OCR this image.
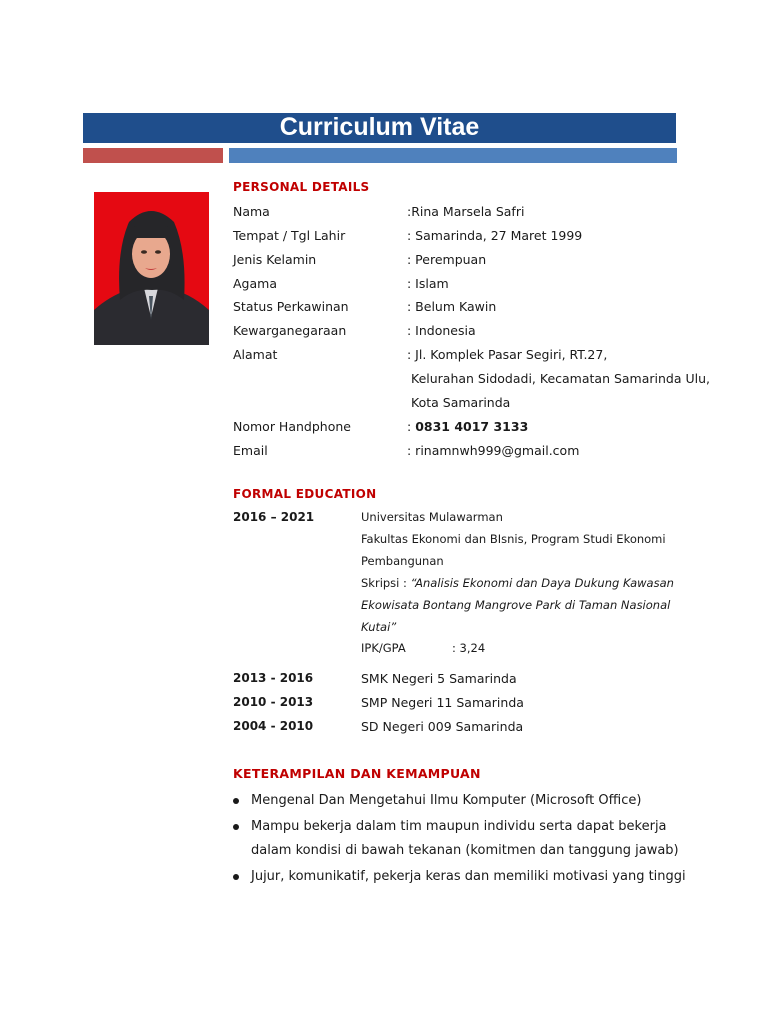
Curriculum Vitae
PERSONAL DETAILS
Nama	:Rina Marsela Safri
Tempat / Tgl Lahir	: Samarinda, 27 Maret 1999
Jenis Kelamin	: Perempuan
Agama	: Islam
Status Perkawinan	: Belum Kawin
Kewarganegaraan	: Indonesia
Alamat	: Jl. Komplek Pasar Segiri, RT.27,
Kelurahan Sidodadi, Kecamatan Samarinda Ulu,
Kota Samarinda
Nomor Handphone	: 0831 4017 3133
Email	: rinamnwh999@gmail.com
FORMAL EDUCATION
2016 – 2021	Universitas Mulawarman
Fakultas Ekonomi dan BIsnis, Program Studi Ekonomi
Pembangunan
Skripsi : “Analisis Ekonomi dan Daya Dukung Kawasan
Ekowisata Bontang Mangrove Park di Taman Nasional
Kutai”
IPK/GPA	: 3,24
2013 - 2016	SMK Negeri 5 Samarinda
2010 - 2013	SMP Negeri 11 Samarinda
2004 - 2010	SD Negeri 009 Samarinda
KETERAMPILAN DAN KEMAMPUAN
Mengenal Dan Mengetahui Ilmu Komputer (Microsoft Office)
Mampu bekerja dalam tim maupun individu serta dapat bekerja
dalam kondisi di bawah tekanan (komitmen dan tanggung jawab)
Jujur, komunikatif, pekerja keras dan memiliki motivasi yang tinggi
